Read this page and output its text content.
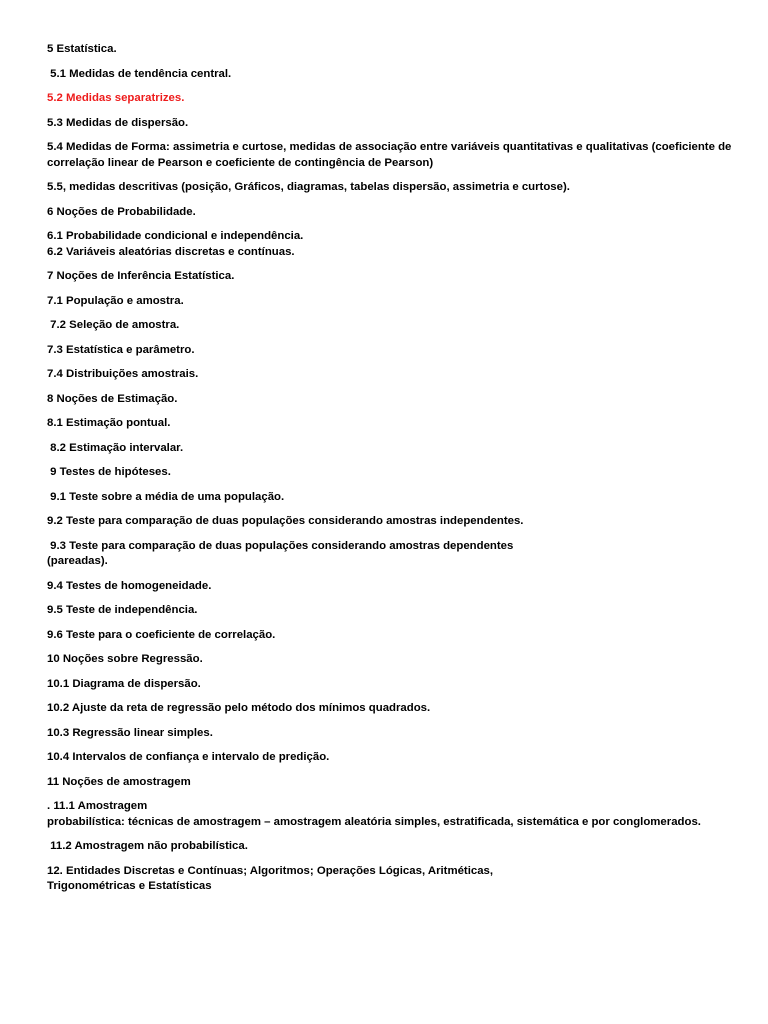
5 Estatística.
5.1 Medidas de tendência central.
5.2 Medidas separatrizes.
5.3 Medidas de dispersão.
5.4 Medidas de Forma: assimetria e curtose, medidas de associação entre variáveis quantitativas e qualitativas (coeficiente de
correlação linear de Pearson e coeficiente de contingência de Pearson)
5.5, medidas descritivas (posição, Gráficos, diagramas, tabelas dispersão, assimetria e curtose).
6 Noções de Probabilidade.
6.1 Probabilidade condicional e independência.
6.2 Variáveis aleatórias discretas e contínuas.
7 Noções de Inferência Estatística.
7.1 População e amostra.
7.2 Seleção de amostra.
7.3 Estatística e parâmetro.
7.4 Distribuições amostrais.
8 Noções de Estimação.
8.1 Estimação pontual.
8.2 Estimação intervalar.
9 Testes de hipóteses.
9.1 Teste sobre a média de uma população.
9.2 Teste para comparação de duas populações considerando amostras independentes.
9.3 Teste para comparação de duas populações considerando amostras dependentes
(pareadas).
9.4 Testes de homogeneidade.
9.5 Teste de independência.
9.6 Teste para o coeficiente de correlação.
10 Noções sobre Regressão.
10.1 Diagrama de dispersão.
10.2 Ajuste da reta de regressão pelo método dos mínimos quadrados.
10.3 Regressão linear simples.
10.4 Intervalos de confiança e intervalo de predição.
11 Noções de amostragem
. 11.1 Amostragem
probabilística: técnicas de amostragem – amostragem aleatória simples, estratificada, sistemática e por conglomerados.
11.2 Amostragem não probabilística.
12. Entidades Discretas e Contínuas; Algoritmos; Operações Lógicas, Aritméticas,
Trigonométricas e Estatísticas
